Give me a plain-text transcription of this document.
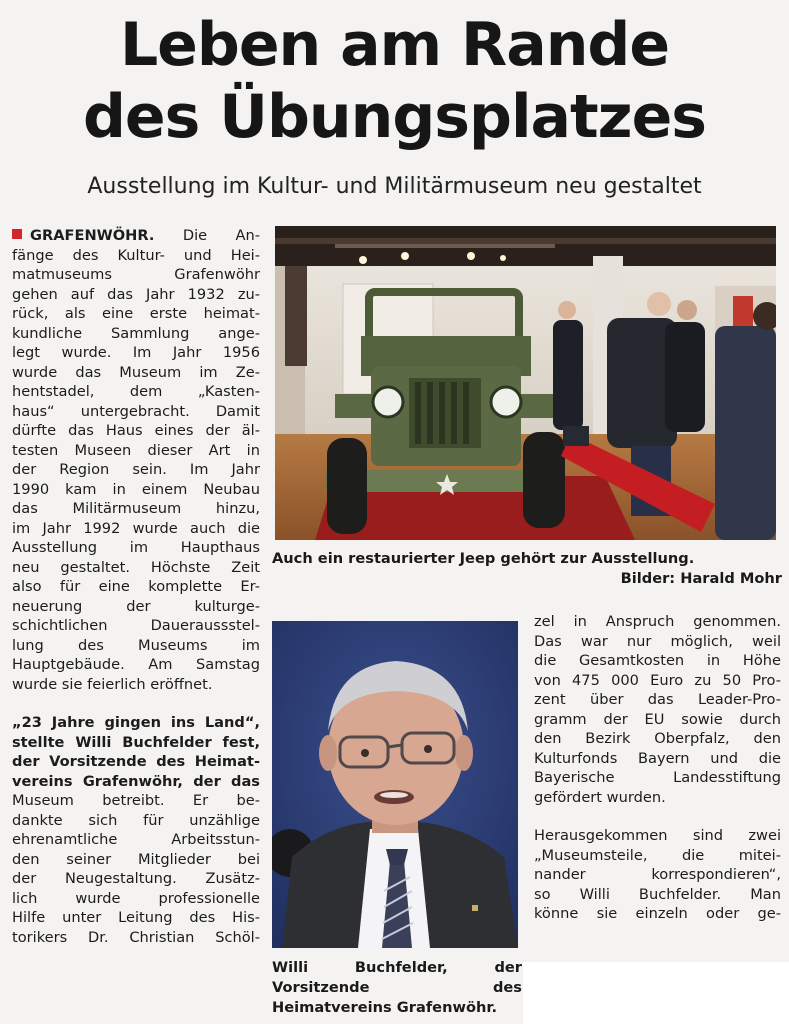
Leben am Rande
des Übungsplatzes
Ausstellung im Kultur- und Militärmuseum neu gestaltet
GRAFENWÖHR. Die An-
fänge des Kultur- und Hei-
matmuseums Grafenwöhr
gehen auf das Jahr 1932 zu-
rück, als eine erste heimat-
kundliche Sammlung ange-
legt wurde. Im Jahr 1956
wurde das Museum im Ze-
hentstadel, dem „Kasten-
haus“ untergebracht. Damit
dürfte das Haus eines der äl-
testen Museen dieser Art in
der Region sein. Im Jahr
1990 kam in einem Neubau
das Militärmuseum hinzu,
im Jahr 1992 wurde auch die
Ausstellung im Haupthaus
neu gestaltet. Höchste Zeit
also für eine komplette Er-
neuerung der kulturge-
schichtlichen Daueraussstel-
lung des Museums im
Hauptgebäude. Am Samstag
wurde sie feierlich eröffnet.
„23 Jahre gingen ins Land“,
stellte Willi Buchfelder fest,
der Vorsitzende des Heimat-
vereins Grafenwöhr, der das
Museum betreibt. Er be-
dankte sich für unzählige
ehrenamtliche Arbeitsstun-
den seiner Mitglieder bei
der Neugestaltung. Zusätz-
lich wurde professionelle
Hilfe unter Leitung des His-
torikers Dr. Christian Schöl-
Auch ein restaurierter Jeep gehört zur Ausstellung.
Bilder: Harald Mohr
Willi Buchfelder, der Vorsitzende des Heimatvereins Grafenwöhr.
zel in Anspruch genommen.
Das war nur möglich, weil
die Gesamtkosten in Höhe
von 475 000 Euro zu 50 Pro-
zent über das Leader-Pro-
gramm der EU sowie durch
den Bezirk Oberpfalz, den
Kulturfonds Bayern und die
Bayerische Landesstiftung
gefördert wurden.
Herausgekommen sind zwei
„Museumsteile, die mitei-
nander korrespondieren“,
so Willi Buchfelder. Man
könne sie einzeln oder ge-
